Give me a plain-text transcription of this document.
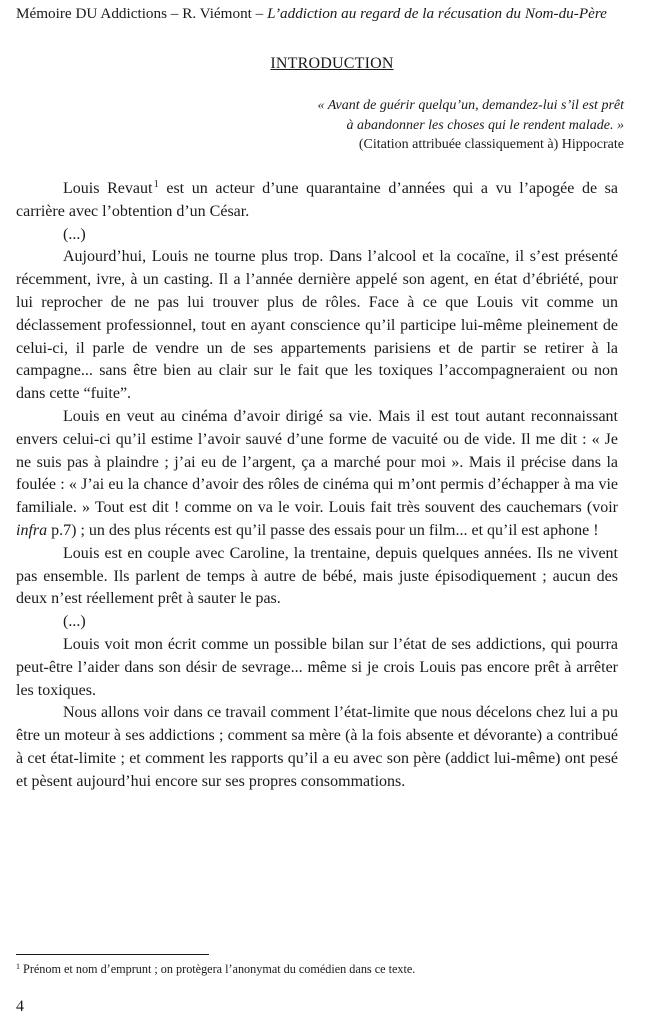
Mémoire DU Addictions – R. Viémont – L’addiction au regard de la récusation du Nom-du-Père
INTRODUCTION
« Avant de guérir quelqu’un, demandez-lui s’il est prêt
à abandonner les choses qui le rendent malade. »
(Citation attribuée classiquement à) Hippocrate

Louis Revaut $^1$ est un acteur d’une quarantaine d’années qui a vu l’apogée de sa carrière avec l’obtention d’un César.

(...)

Aujourd’hui, Louis ne tourne plus trop. Dans l’alcool et la cocaïne, il s’est présenté récemment, ivre, à un casting. Il a l’année dernière appelé son agent, en état d’ébriété, pour lui reprocher de ne pas lui trouver plus de rôles. Face à ce que Louis vit comme un déclassement professionnel, tout en ayant conscience qu’il participe lui-même pleinement de celui-ci, il parle de vendre un de ses appartements parisiens et de partir se retirer à la campagne... sans être bien au clair sur le fait que les toxiques l’accompagneraient ou non dans cette “fuite”.

Louis en veut au cinéma d’avoir dirigé sa vie. Mais il est tout autant reconnaissant envers celui-ci qu’il estime l’avoir sauvé d’une forme de vacuité ou de vide. Il me dit : « Je ne suis pas à plaindre ; j’ai eu de l’argent, ça a marché pour moi ». Mais il précise dans la foulée : « J’ai eu la chance d’avoir des rôles de cinéma qui m’ont permis d’échapper à ma vie familiale. » Tout est dit ! comme on va le voir. Louis fait très souvent des cauchemars (voir infra p.7) ; un des plus récents est qu’il passe des essais pour un film... et qu’il est aphone !

Louis est en couple avec Caroline, la trentaine, depuis quelques années. Ils ne vivent pas ensemble. Ils parlent de temps à autre de bébé, mais juste épisodiquement ; aucun des deux n’est réellement prêt à sauter le pas.

(...)

Louis voit mon écrit comme un possible bilan sur l’état de ses addictions, qui pourra peut-être l’aider dans son désir de sevrage... même si je crois Louis pas encore prêt à arrêter les toxiques.

Nous allons voir dans ce travail comment l’état-limite que nous décelons chez lui a pu être un moteur à ses addictions ; comment sa mère (à la fois absente et dévorante) a contribué à cet état-limite ; et comment les rapports qu’il a eu avec son père (addict lui-même) ont pesé et pèsent aujourd’hui encore sur ses propres consommations.

$^1$ Prénom et nom d’emprunt ; on protègera l’anonymat du comédien dans ce texte.
4
